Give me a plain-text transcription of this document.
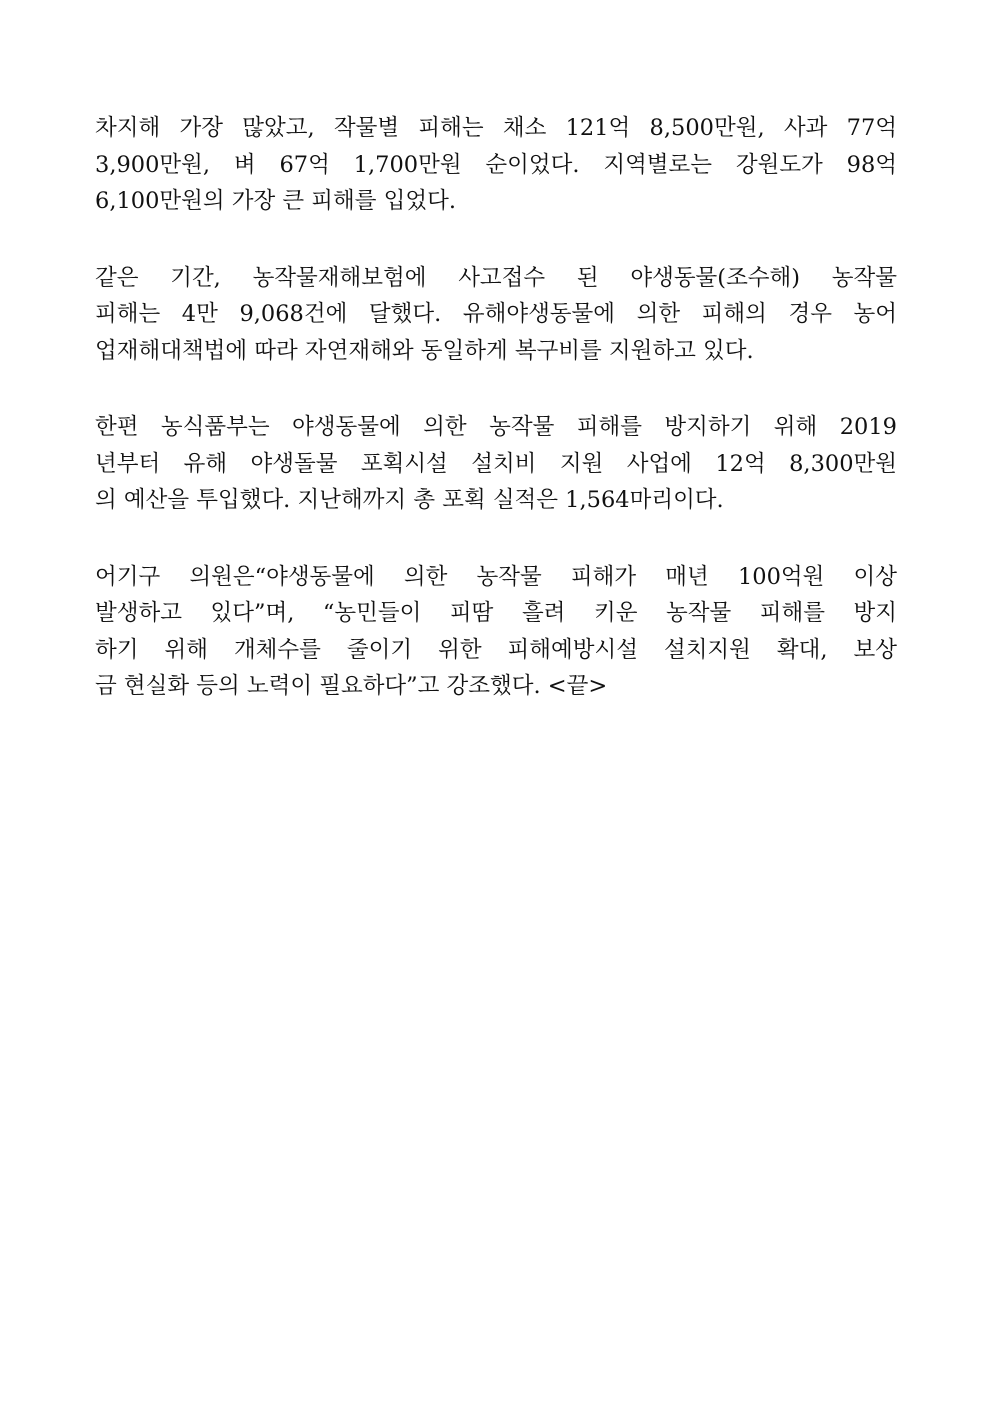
차지해 가장 많았고, 작물별 피해는 채소 121억 8,500만원, 사과 77억
3,900만원, 벼 67억 1,700만원 순이었다. 지역별로는 강원도가 98억
6,100만원의 가장 큰 피해를 입었다.

같은 기간, 농작물재해보험에 사고접수 된 야생동물(조수해) 농작물
피해는 4만 9,068건에 달했다. 유해야생동물에 의한 피해의 경우 농어
업재해대책법에 따라 자연재해와 동일하게 복구비를 지원하고 있다.

한편 농식품부는 야생동물에 의한 농작물 피해를 방지하기 위해 2019
년부터 유해 야생돌물 포획시설 설치비 지원 사업에 12억 8,300만원
의 예산을 투입했다. 지난해까지 총 포획 실적은 1,564마리이다.

어기구 의원은“야생동물에 의한 농작물 피해가 매년 100억원 이상
발생하고 있다”며, “농민들이 피땀 흘려 키운 농작물 피해를 방지
하기 위해 개체수를 줄이기 위한 피해예방시설 설치지원 확대, 보상
금 현실화 등의 노력이 필요하다”고 강조했다. <끝>
